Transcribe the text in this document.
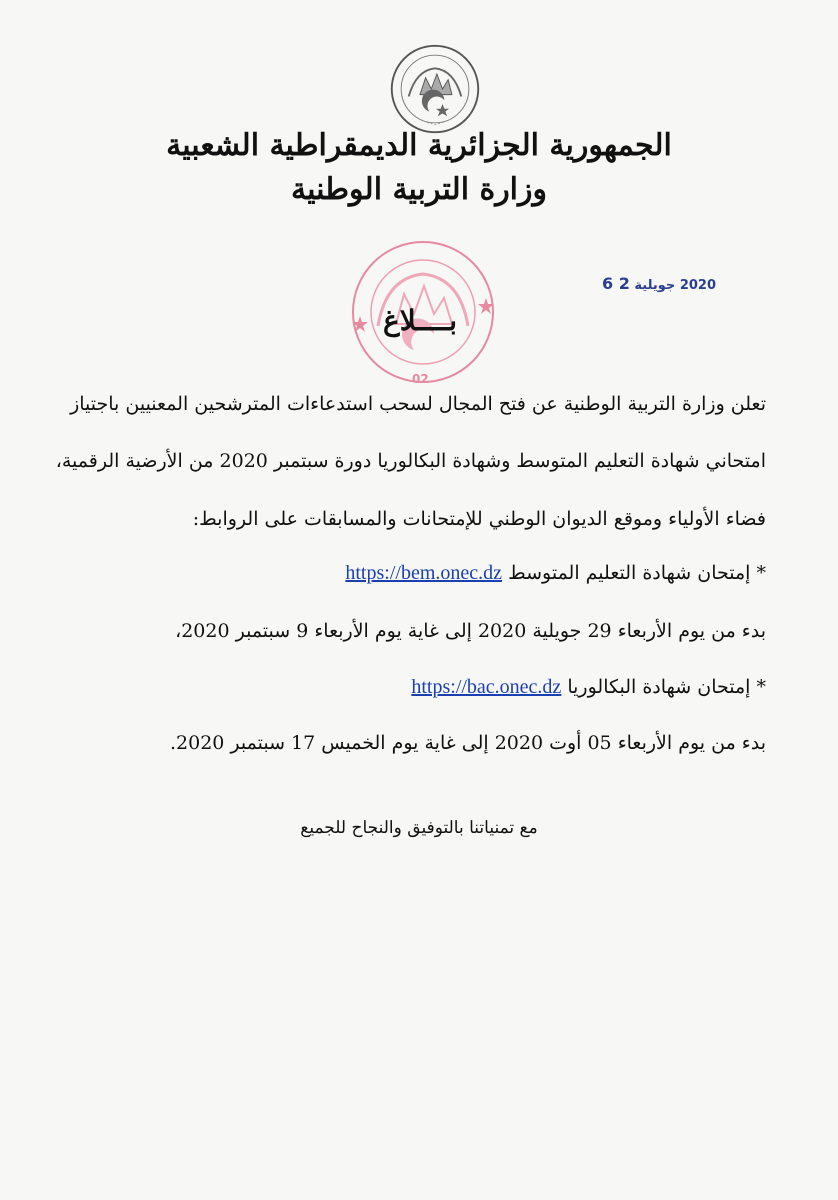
الجمهورية الجزائرية الديمقراطية الشعبية
وزارة التربية الوطنية
02
2020 جويلية 2 6
بــــلاغ
تعلن وزارة التربية الوطنية عن فتح المجال لسحب استدعاءات المترشحين المعنيين باجتياز
امتحاني شهادة التعليم المتوسط وشهادة البكالوريا دورة سبتمبر 2020 من الأرضية الرقمية،
فضاء الأولياء وموقع الديوان الوطني للإمتحانات والمسابقات على الروابط:
* إمتحان شهادة التعليم المتوسط https://bem.onec.dz
بدء من يوم الأربعاء 29 جويلية 2020 إلى غاية يوم الأربعاء 9 سبتمبر 2020،
* إمتحان شهادة البكالوريا https://bac.onec.dz
بدء من يوم الأربعاء 05 أوت 2020 إلى غاية يوم الخميس 17 سبتمبر 2020.
مع تمنياتنا بالتوفيق والنجاح للجميع
